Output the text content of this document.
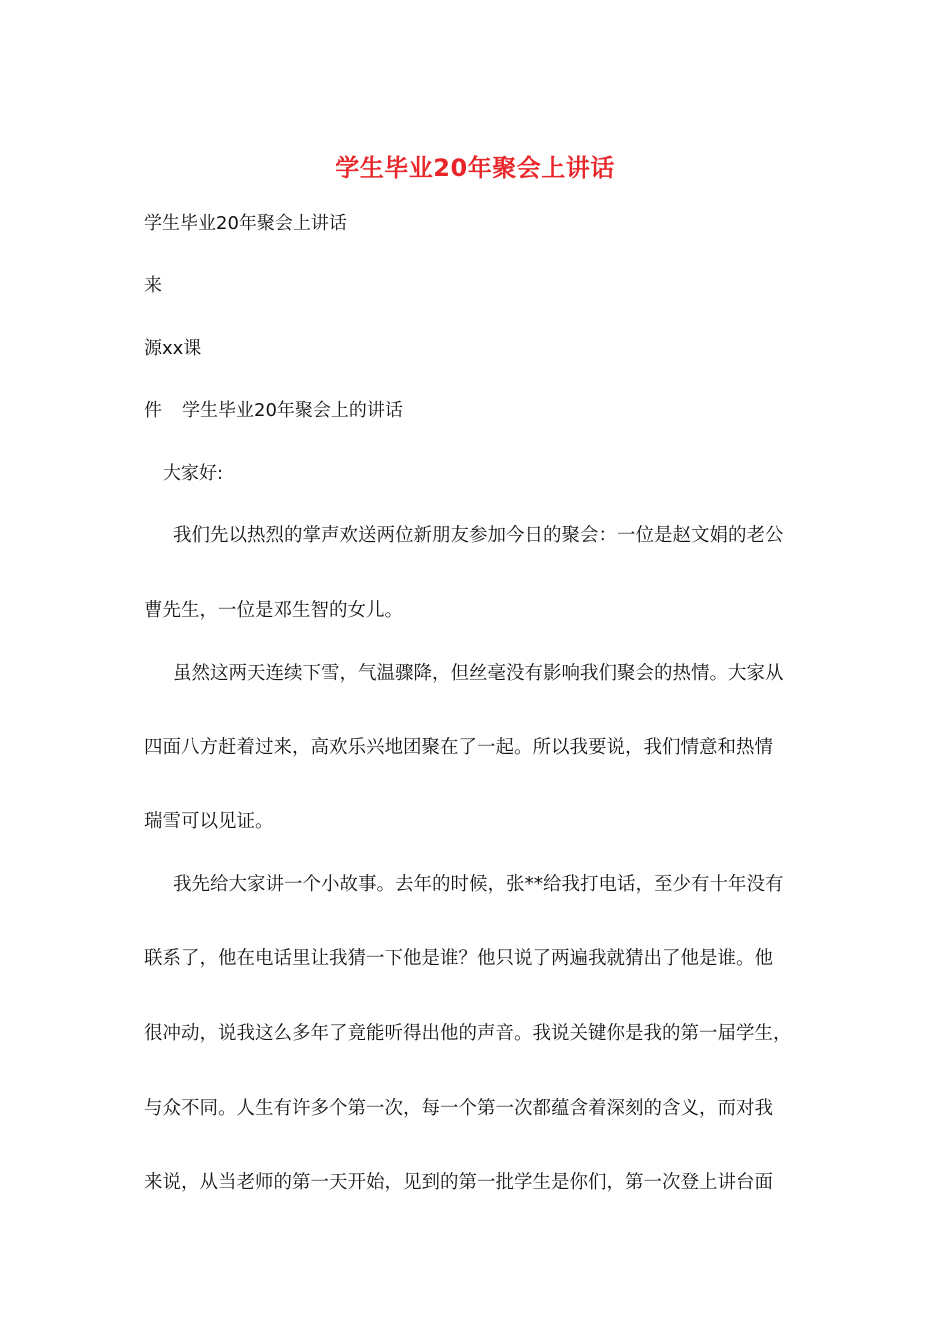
学生毕业20年聚会上讲话
学生毕业20年聚会上讲话
来
源xx课
件 学生毕业20年聚会上的讲话
大家好:
我们先以热烈的掌声欢送两位新朋友参加今日的聚会：一位是赵文娟的老公
曹先生，一位是邓生智的女儿。
虽然这两天连续下雪，气温骤降，但丝毫没有影响我们聚会的热情。大家从
四面八方赶着过来，高欢乐兴地团聚在了一起。所以我要说，我们情意和热情
瑞雪可以见证。
我先给大家讲一个小故事。去年的时候，张**给我打电话，至少有十年没有
联系了，他在电话里让我猜一下他是谁？他只说了两遍我就猜出了他是谁。他
很冲动，说我这么多年了竟能听得出他的声音。我说关键你是我的第一届学生，
与众不同。人生有许多个第一次，每一个第一次都蕴含着深刻的含义，而对我
来说，从当老师的第一天开始，见到的第一批学生是你们，第一次登上讲台面
